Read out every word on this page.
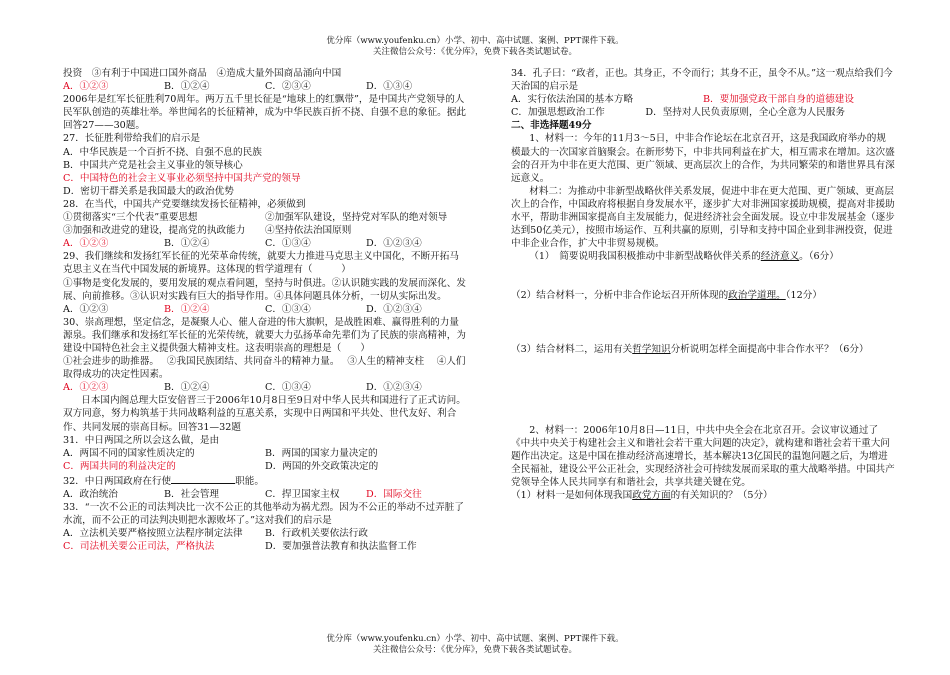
优分库（www.youfenku.cn）小学、初中、高中试题、案例、PPT课件下载。
关注微信公众号：《优分库》，免费下载各类试题试卷。

投资　③有利于中国进口国外商品　④造成大量外国商品涌向中国

A．①②③	B．①②④	C．②③④	D．①③④

2006年是红军长征胜利70周年。两万五千里长征是“地球上的红飘带”，是中国共产党领导的人民军队创造的英雄壮举。举世闻名的长征精神，成为中华民族百折不挠、自强不息的象征。据此回答27——30题。

27．长征胜利带给我们的启示是

A．中华民族是一个百折不挠、自强不息的民族

B．中国共产党是社会主义事业的领导核心

C．中国特色的社会主义事业必须坚持中国共产党的领导

D．密切干群关系是我国最大的政治优势

28．在当代，中国共产党要继续发扬长征精神，必须做到

①贯彻落实“三个代表”重要思想	②加强军队建设，坚持党对军队的绝对领导
③加强和改进党的建设，提高党的执政能力	④坚持依法治国原则
A．①②③	B．①②④	C．①③④	D．①②③④

29、我们继续和发扬红军长征的光荣革命传统，就要大力推进马克思主义中国化，不断开拓马克思主义在当代中国发展的新境界。这体现的哲学道理有（　　　）

①事物是变化发展的，要用发展的观点看问题，坚持与时俱进。②认识随实践的发展而深化、发展、向前推移。③认识对实践有巨大的指导作用。④具体问题具体分析，一切从实际出发。

A．①②③	B．①②④	C．①③④	D．①②③④

30、崇高理想，坚定信念，是凝聚人心、催人奋进的伟大旗帜，是战胜困难、赢得胜利的力量源泉。我们继承和发扬红军长征的光荣传统，就要大力弘扬革命先辈们为了民族的崇高精神，为建设中国特色社会主义提供强大精神支柱。这表明崇高的理想是（　　）

①社会进步的助推器。　 ②我国民族团结、共同奋斗的精神力量。　 ③人生的精神支柱　 ④人们取得成功的决定性因素。

A．①②③	B．①②④	C．①③④	D．①②③④

日本国内阁总理大臣安倍晋三于2006年10月8日至9日对中华人民共和国进行了正式访问。双方同意，努力构筑基于共同战略利益的互惠关系，实现中日两国和平共处、世代友好、利合作、共同发展的崇高目标。回答31—32题

31．中日两国之所以会这么做，是由

A．两国不同的国家性质决定的	B．两国的国家力量决定的
C．两国共同的利益决定的	D．两国的外交政策决定的

32．中日两国政府在行使	职能。

A．政治统治	B．社会管理	C．捍卫国家主权	D．国际交往

33．“一次不公正的司法判决比一次不公正的其他举动为祸尤烈。因为不公正的举动不过弄脏了水流，而不公正的司法判决则把水源败坏了。”这对我们的启示是

A．立法机关要严格按照立法程序制定法律	B．行政机关要依法行政
C．司法机关要公正司法，严格执法	D．要加强普法教育和执法监督工作

34．孔子曰：“政者，正也。其身正，不令而行；其身不正，虽令不从。”这一观点给我们今天治国的启示是

A．实行依法治国的基本方略	B．要加强党政干部自身的道德建设
C．加强思想政治工作	D．坚持对人民负责原则，全心全意为人民服务

二、非选择题49分

1、材料一：今年的11月3～5日，中非合作论坛在北京召开，这是我国政府举办的规模最大的一次国家首脑聚会。在新形势下，中非共同利益在扩大，相互需求在增加。这次盛会的召开为中非在更大范围、更广领域、更高层次上的合作，为共同繁荣的和谐世界具有深远意义。

材料二：为推动中非新型战略伙伴关系发展，促进中非在更大范围、更广领域、更高层次上的合作，中国政府将根据自身发展水平，逐步扩大对非洲国家援助规模，提高对非援助水平，帮助非洲国家提高自主发展能力，促进经济社会全面发展。设立中非发展基金（逐步达到50亿美元），按照市场运作、互利共赢的原则，引导和支持中国企业到非洲投资，促进中非企业合作，扩大中非贸易规模。

（1）　简要说明我国积极推动中非新型战略伙伴关系的经济意义。（6分）

（2）结合材料一，分析中非合作论坛召开所体现的政治学道理。（12分）

（3）结合材料二，运用有关哲学知识分析说明怎样全面提高中非合作水平？（6分）

2、材料一：2006年10月8日—11日，中共中央全会在北京召开。会议审议通过了《中共中央关于构建社会主义和谐社会若干重大问题的决定》，就构建和谐社会若干重大问题作出决定。这是中国在推动经济高速增长，基本解决13亿国民的温饱问题之后，为增进全民福祉，建设公平公正社会，实现经济社会可持续发展而采取的重大战略举措。中国共产党领导全体人民共同享有和谐社会，共享共建关键在党。

（1）材料一是如何体现我国政党方面的有关知识的？（5分）

优分库（www.youfenku.cn）小学、初中、高中试题、案例、PPT课件下载。
关注微信公众号：《优分库》，免费下载各类试题试卷。
